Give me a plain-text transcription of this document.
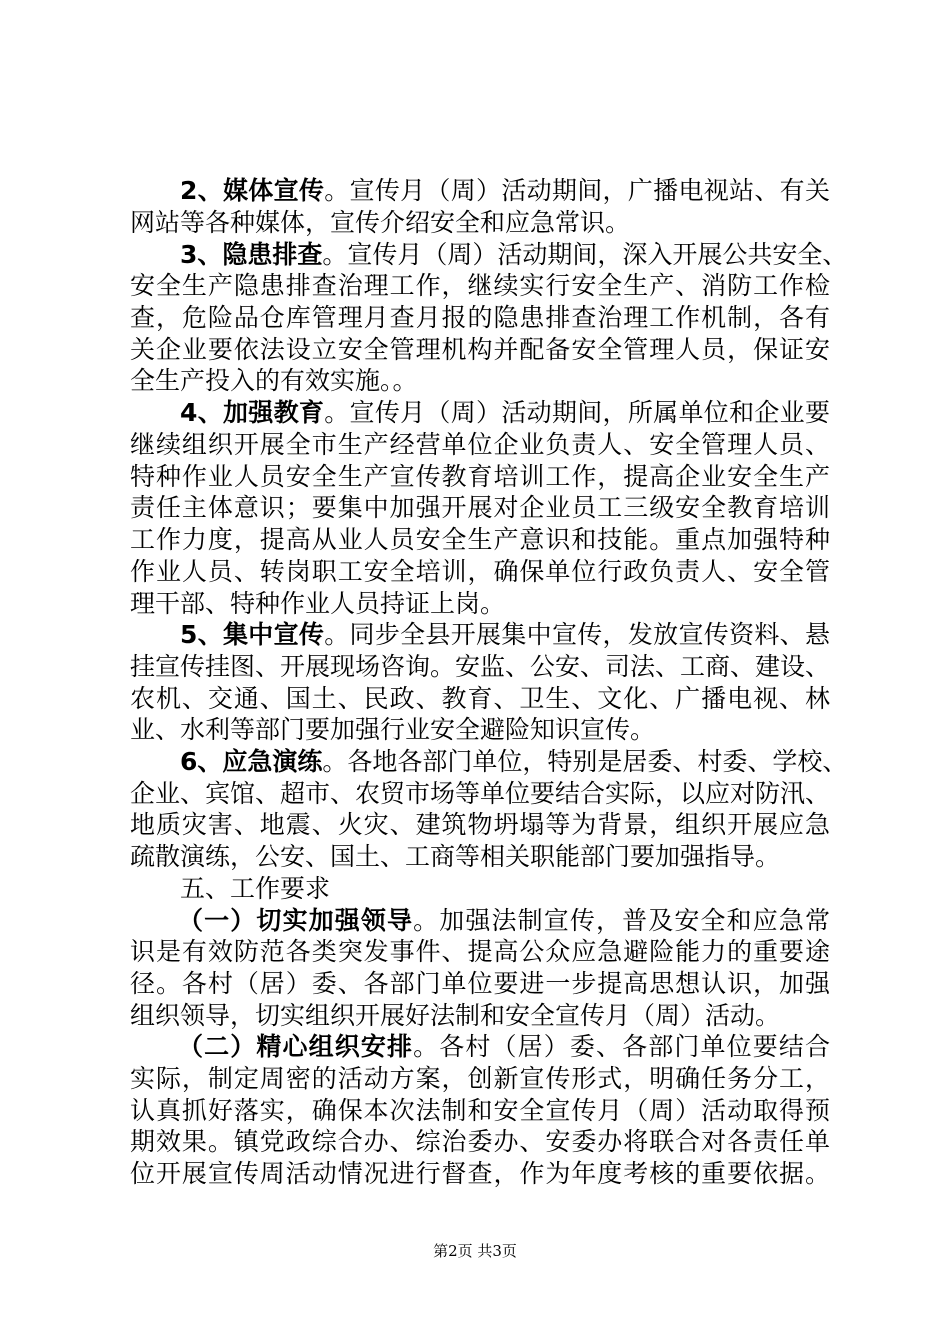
2、媒体宣传。宣传月（周）活动期间，广播电视站、有关
网站等各种媒体，宣传介绍安全和应急常识。
3、隐患排查。宣传月（周）活动期间，深入开展公共安全、
安全生产隐患排查治理工作，继续实行安全生产、消防工作检
查，危险品仓库管理月查月报的隐患排查治理工作机制，各有
关企业要依法设立安全管理机构并配备安全管理人员，保证安
全生产投入的有效实施。。
4、加强教育。宣传月（周）活动期间，所属单位和企业要
继续组织开展全市生产经营单位企业负责人、安全管理人员、
特种作业人员安全生产宣传教育培训工作，提高企业安全生产
责任主体意识；要集中加强开展对企业员工三级安全教育培训
工作力度，提高从业人员安全生产意识和技能。重点加强特种
作业人员、转岗职工安全培训，确保单位行政负责人、安全管
理干部、特种作业人员持证上岗。
5、集中宣传。同步全县开展集中宣传，发放宣传资料、悬
挂宣传挂图、开展现场咨询。安监、公安、司法、工商、建设、
农机、交通、国土、民政、教育、卫生、文化、广播电视、林
业、水利等部门要加强行业安全避险知识宣传。
6、应急演练。各地各部门单位，特别是居委、村委、学校、
企业、宾馆、超市、农贸市场等单位要结合实际，以应对防汛、
地质灾害、地震、火灾、建筑物坍塌等为背景，组织开展应急
疏散演练，公安、国土、工商等相关职能部门要加强指导。
五、工作要求
（一）切实加强领导。加强法制宣传，普及安全和应急常
识是有效防范各类突发事件、提高公众应急避险能力的重要途
径。各村（居）委、各部门单位要进一步提高思想认识，加强
组织领导，切实组织开展好法制和安全宣传月（周）活动。
（二）精心组织安排。各村（居）委、各部门单位要结合
实际，制定周密的活动方案，创新宣传形式，明确任务分工，
认真抓好落实，确保本次法制和安全宣传月（周）活动取得预
期效果。镇党政综合办、综治委办、安委办将联合对各责任单
位开展宣传周活动情况进行督查，作为年度考核的重要依据。
第2页 共3页
